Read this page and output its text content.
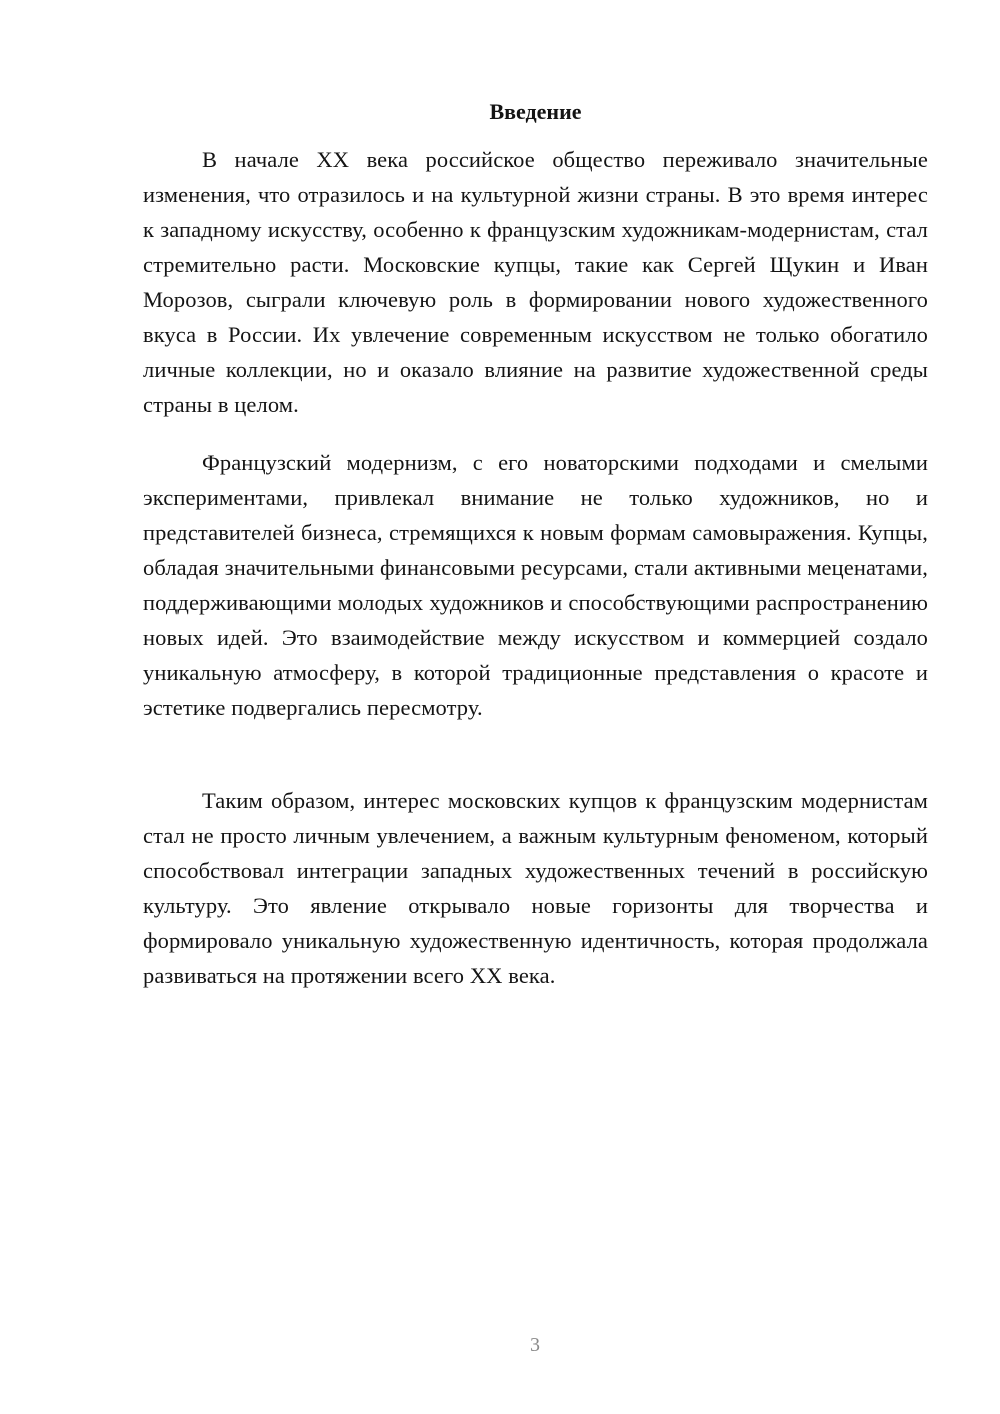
Введение

В начале XX века российское общество переживало значительные изменения, что отразилось и на культурной жизни страны. В это время интерес к западному искусству, особенно к французским художникам-модернистам, стал стремительно расти. Московские купцы, такие как Сергей Щукин и Иван Морозов, сыграли ключевую роль в формировании нового художественного вкуса в России. Их увлечение современным искусством не только обогатило личные коллекции, но и оказало влияние на развитие художественной среды страны в целом.

Французский модернизм, с его новаторскими подходами и смелыми экспериментами, привлекал внимание не только художников, но и представителей бизнеса, стремящихся к новым формам самовыражения. Купцы, обладая значительными финансовыми ресурсами, стали активными меценатами, поддерживающими молодых художников и способствующими распространению новых идей. Это взаимодействие между искусством и коммерцией создало уникальную атмосферу, в которой традиционные представления о красоте и эстетике подвергались пересмотру.

Таким образом, интерес московских купцов к французским модернистам стал не просто личным увлечением, а важным культурным феноменом, который способствовал интеграции западных художественных течений в российскую культуру. Это явление открывало новые горизонты для творчества и формировало уникальную художественную идентичность, которая продолжала развиваться на протяжении всего XX века.

3
